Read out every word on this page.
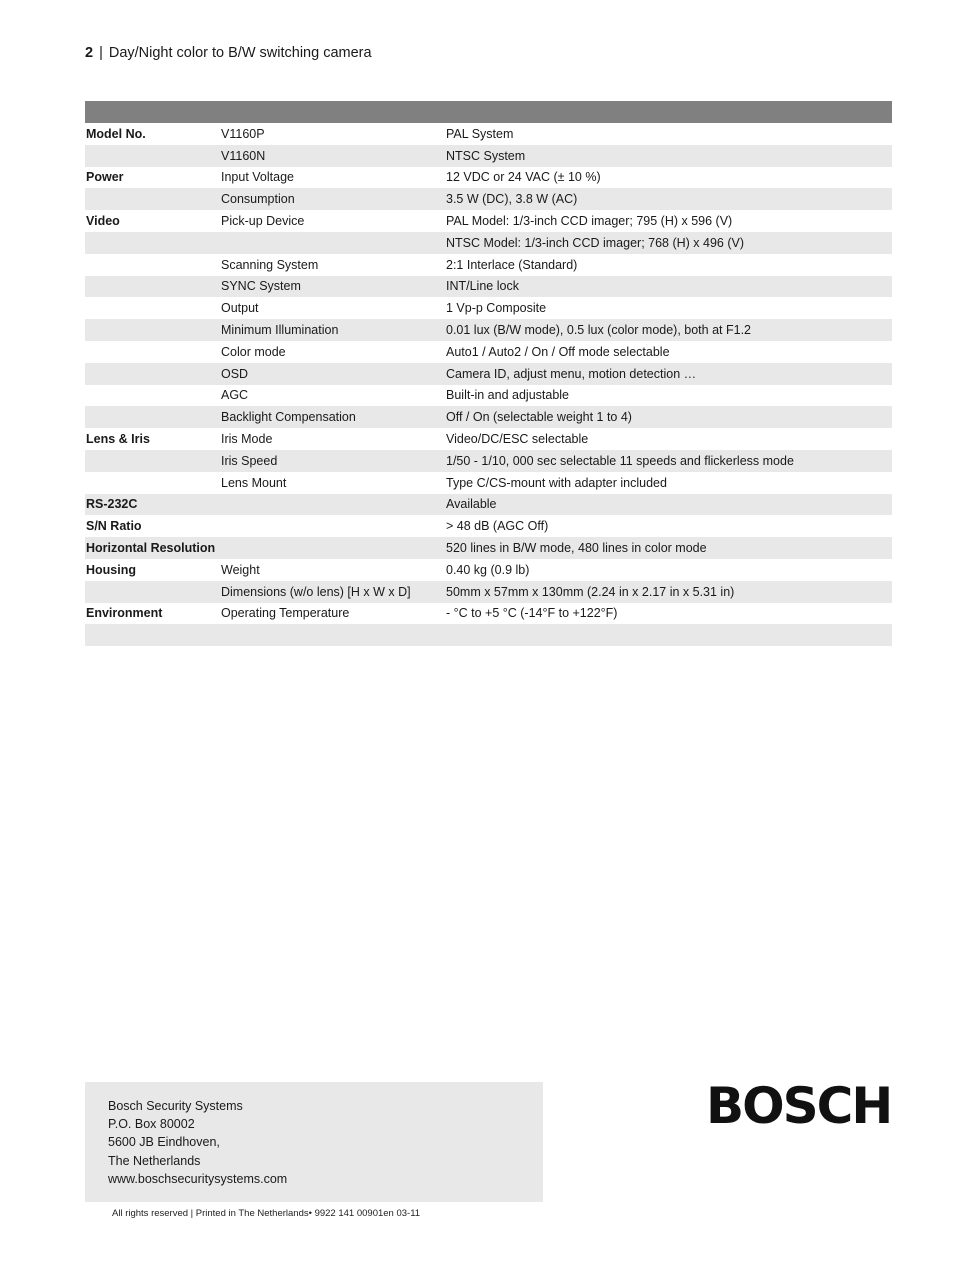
2 | Day/Night color to B/W switching camera

Model No.	V1160P	PAL System
	V1160N	NTSC System
Power	Input Voltage	12 VDC or 24 VAC (± 10 %)
	Consumption	3.5 W (DC), 3.8 W (AC)
Video	Pick-up Device	PAL Model: 1/3-inch CCD imager; 795 (H) x 596 (V)
		NTSC Model: 1/3-inch CCD imager; 768 (H) x 496 (V)
	Scanning System	2:1 Interlace (Standard)
	SYNC System	INT/Line lock
	Output	1 Vp-p Composite
	Minimum Illumination	0.01 lux (B/W mode), 0.5 lux (color mode), both at F1.2
	Color mode	Auto1 / Auto2 / On / Off mode selectable
	OSD	Camera ID, adjust menu, motion detection …
	AGC	Built-in and adjustable
	Backlight Compensation	Off / On (selectable weight 1 to 4)
Lens & Iris	Iris Mode	Video/DC/ESC selectable
	Iris Speed	1/50 - 1/10, 000 sec selectable 11 speeds and flickerless mode
	Lens Mount	Type C/CS-mount with adapter included
RS-232C		Available
S/N Ratio		> 48 dB (AGC Off)
Horizontal Resolution		520 lines in B/W mode, 480 lines in color mode
Housing	Weight	0.40 kg (0.9 lb)
	Dimensions (w/o lens) [H x W x D]	50mm x 57mm x 130mm (2.24 in x 2.17 in x 5.31 in)
Environment	Operating Temperature	- °C to +5 °C (-14°F to +122°F)

Bosch Security Systems
P.O. Box 80002
5600 JB Eindhoven,
The Netherlands
www.boschsecuritysystems.com
BOSCH
All rights reserved | Printed in The Netherlands• 9922 141 00901en 03-11
